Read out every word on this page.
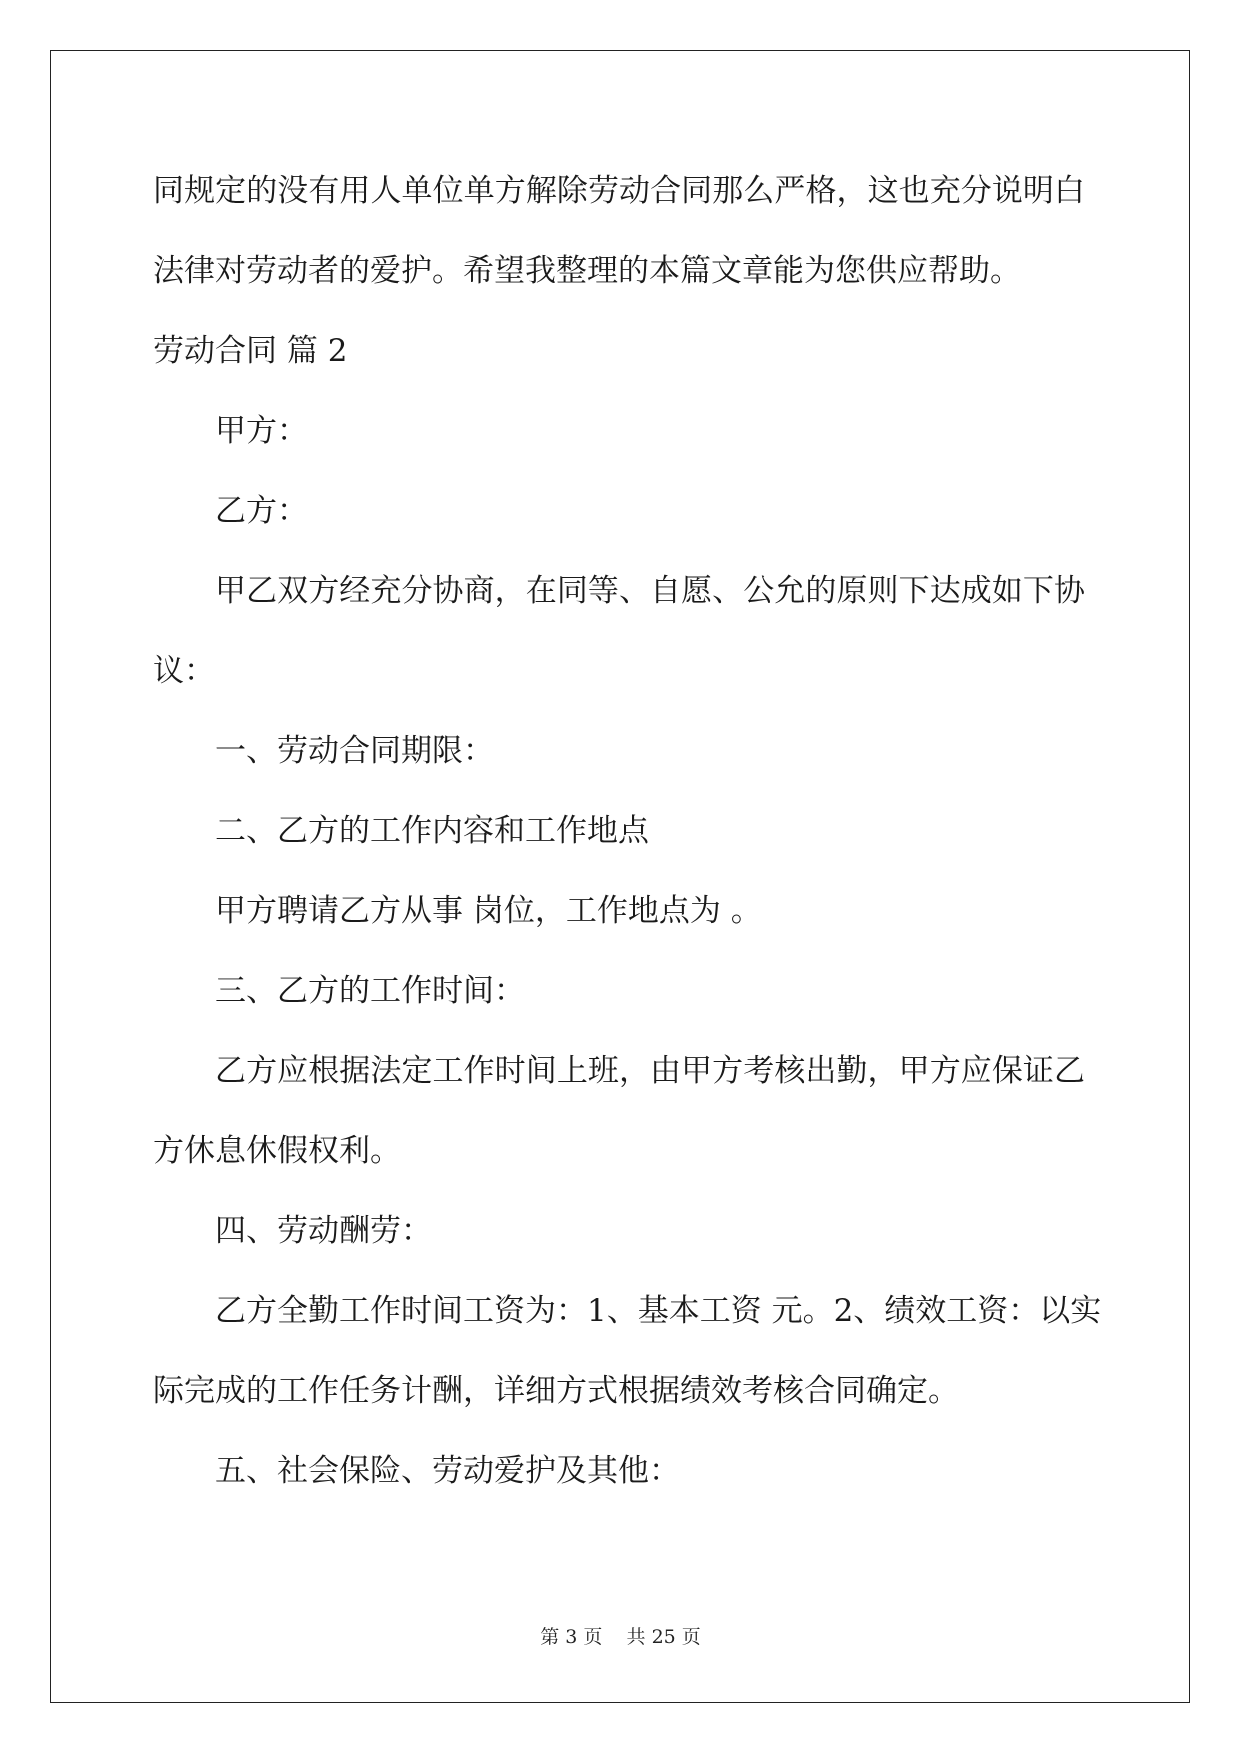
同规定的没有用人单位单方解除劳动合同那么严格，这也充分说明白
法律对劳动者的爱护。希望我整理的本篇文章能为您供应帮助。
劳动合同 篇 2
甲方：
乙方：
甲乙双方经充分协商，在同等、自愿、公允的原则下达成如下协
议：
一、劳动合同期限：
二、乙方的工作内容和工作地点
甲方聘请乙方从事 岗位，工作地点为 。
三、乙方的工作时间：
乙方应根据法定工作时间上班，由甲方考核出勤，甲方应保证乙
方休息休假权利。
四、劳动酬劳：
乙方全勤工作时间工资为：1、基本工资 元。2、绩效工资：以实
际完成的工作任务计酬，详细方式根据绩效考核合同确定。
五、社会保险、劳动爱护及其他：
第 3 页    共 25 页
